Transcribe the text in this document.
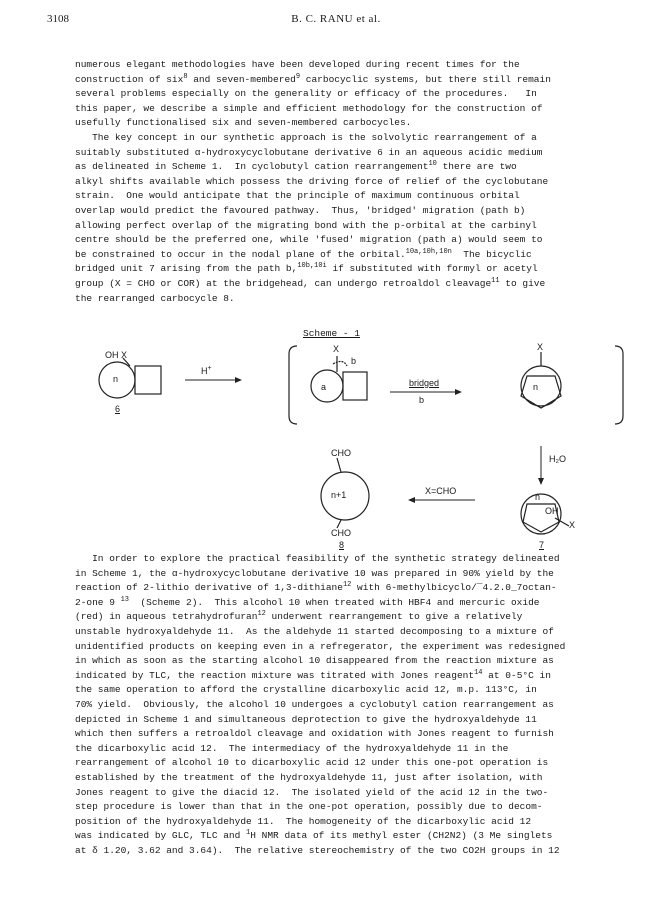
3108	B. C. RANU et al.
numerous elegant methodologies have been developed during recent times for the
construction of six$^8$ and seven-membered$^9$ carbocyclic systems, but there still remain
several problems especially on the generality or efficacy of the procedures.   In
this paper, we describe a simple and efficient methodology for the construction of
usefully functionalised six and seven-membered carbocycles.
The key concept in our synthetic approach is the solvolytic rearrangement of a
suitably substituted α-hydroxycyclobutane derivative 6 in an aqueous acidic medium
as delineated in Scheme 1.  In cyclobutyl cation rearrangement$^{10}$ there are two
alkyl shifts available which possess the driving force of relief of the cyclobutane
strain.  One would anticipate that the principle of maximum continuous orbital
overlap would predict the favoured pathway.  Thus, 'bridged' migration (path b)
allowing perfect overlap of the migrating bond with the p-orbital at the carbinyl
centre should be the preferred one, while 'fused' migration (path a) would seem to
be constrained to occur in the nodal plane of the orbital.$^{10a,10h,10n}$  The bicyclic
bridged unit 7 arising from the path b,$^{10b,10i}$ if substituted with formyl or acetyl
group (X = CHO or COR) at the bridgehead, can undergo retroaldol cleavage$^{11}$ to give
the rearranged carbocycle 8.
Scheme - 1
OH X
n
H+
6
X
b
a	bridged
b
X
n
H₂O
CHO
n+1
CHO
X=CHO
8
n
OH
X
7
In order to explore the practical feasibility of the synthetic strategy delineated
in Scheme 1, the α-hydroxycyclobutane derivative 10 was prepared in 90% yield by the
reaction of 2-lithio derivative of 1,3-dithiane$^{12}$ with 6-methylbicyclo/‾4.2.0_7octan-
2-one 9 $^{13}$  (Scheme 2).  This alcohol 10 when treated with HBF4 and mercuric oxide
(red) in aqueous tetrahydrofuran$^{12}$ underwent rearrangement to give a relatively
unstable hydroxyaldehyde 11.  As the aldehyde 11 started decomposing to a mixture of
unidentified products on keeping even in a refregerator, the experiment was redesigned
in which as soon as the starting alcohol 10 disappeared from the reaction mixture as
indicated by TLC, the reaction mixture was titrated with Jones reagent$^{14}$ at 0-5°C in
the same operation to afford the crystalline dicarboxylic acid 12, m.p. 113°C, in
70% yield.  Obviously, the alcohol 10 undergoes a cyclobutyl cation rearrangement as
depicted in Scheme 1 and simultaneous deprotection to give the hydroxyaldehyde 11
which then suffers a retroaldol cleavage and oxidation with Jones reagent to furnish
the dicarboxylic acid 12.  The intermediacy of the hydroxyaldehyde 11 in the
rearrangement of alcohol 10 to dicarboxylic acid 12 under this one-pot operation is
established by the treatment of the hydroxyaldehyde 11, just after isolation, with
Jones reagent to give the diacid 12.  The isolated yield of the acid 12 in the two-
step procedure is lower than that in the one-pot operation, possibly due to decom-
position of the hydroxyaldehyde 11.  The homogeneity of the dicarboxylic acid 12
was indicated by GLC, TLC and $^1$H NMR data of its methyl ester (CH2N2) (3 Me singlets
at δ 1.20, 3.62 and 3.64).  The relative stereochemistry of the two CO2H groups in 12
